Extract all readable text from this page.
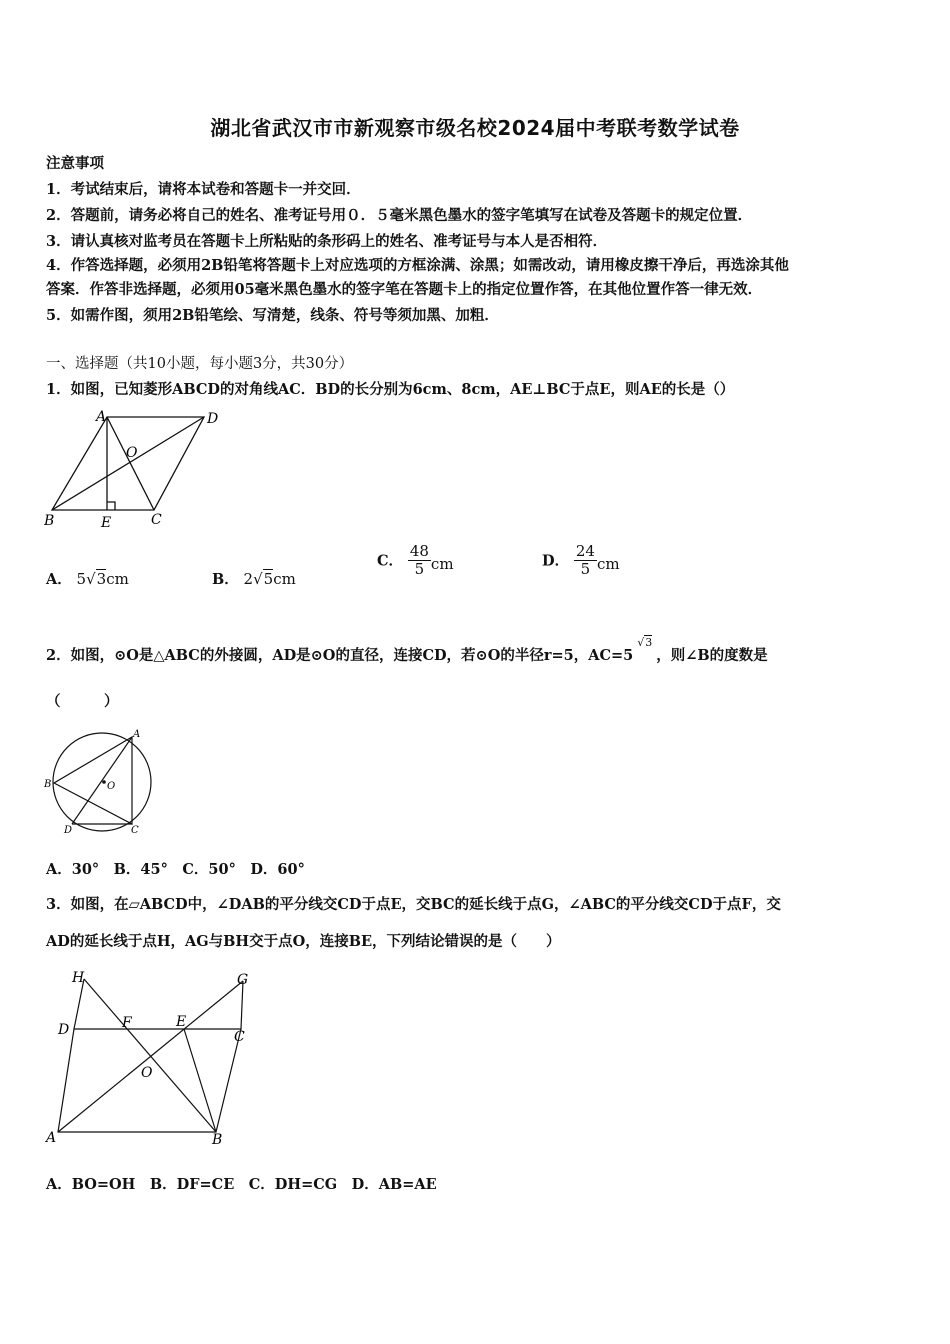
湖北省武汉市市新观察市级名校2024届中考联考数学试卷
注意事项
1．考试结束后，请将本试卷和答题卡一并交回．
2．答题前，请务必将自己的姓名、准考证号用０．５毫米黑色墨水的签字笔填写在试卷及答题卡的规定位置．
3．请认真核对监考员在答题卡上所粘贴的条形码上的姓名、准考证号与本人是否相符．
4．作答选择题，必须用2B铅笔将答题卡上对应选项的方框涂满、涂黑；如需改动，请用橡皮擦干净后，再选涂其他
答案．作答非选择题，必须用05毫米黑色墨水的签字笔在答题卡上的指定位置作答，在其他位置作答一律无效．
5．如需作图，须用2B铅笔绘、写清楚，线条、符号等须加黑、加粗．
一、选择题（共10小题，每小题3分，共30分）
1．如图，已知菱形ABCD的对角线AC．BD的长分别为6cm、8cm，AE⊥BC于点E，则AE的长是（）
A	D
O
B	E	C
A． 5√3cm	B． 2√5cm
C． $\frac{48}{5}$ cm	D． $\frac{24}{5}$ cm
2．如图，⊙O是△ABC的外接圆，AD是⊙O的直径，连接CD，若⊙O的半径r=5，AC=5√3，则∠B的度数是
（　　　）
A
B	O
D	C
A．30°　B．45°　C．50°　D．60°
3．如图，在▱ABCD中，∠DAB的平分线交CD于点E，交BC的延长线于点G，∠ABC的平分线交CD于点F，交
AD的延长线于点H，AG与BH交于点O，连接BE，下列结论错误的是（　　）
H	G
D	F	E
C
O
A	B
A．BO=OH　B．DF=CE　C．DH=CG　D．AB=AE
